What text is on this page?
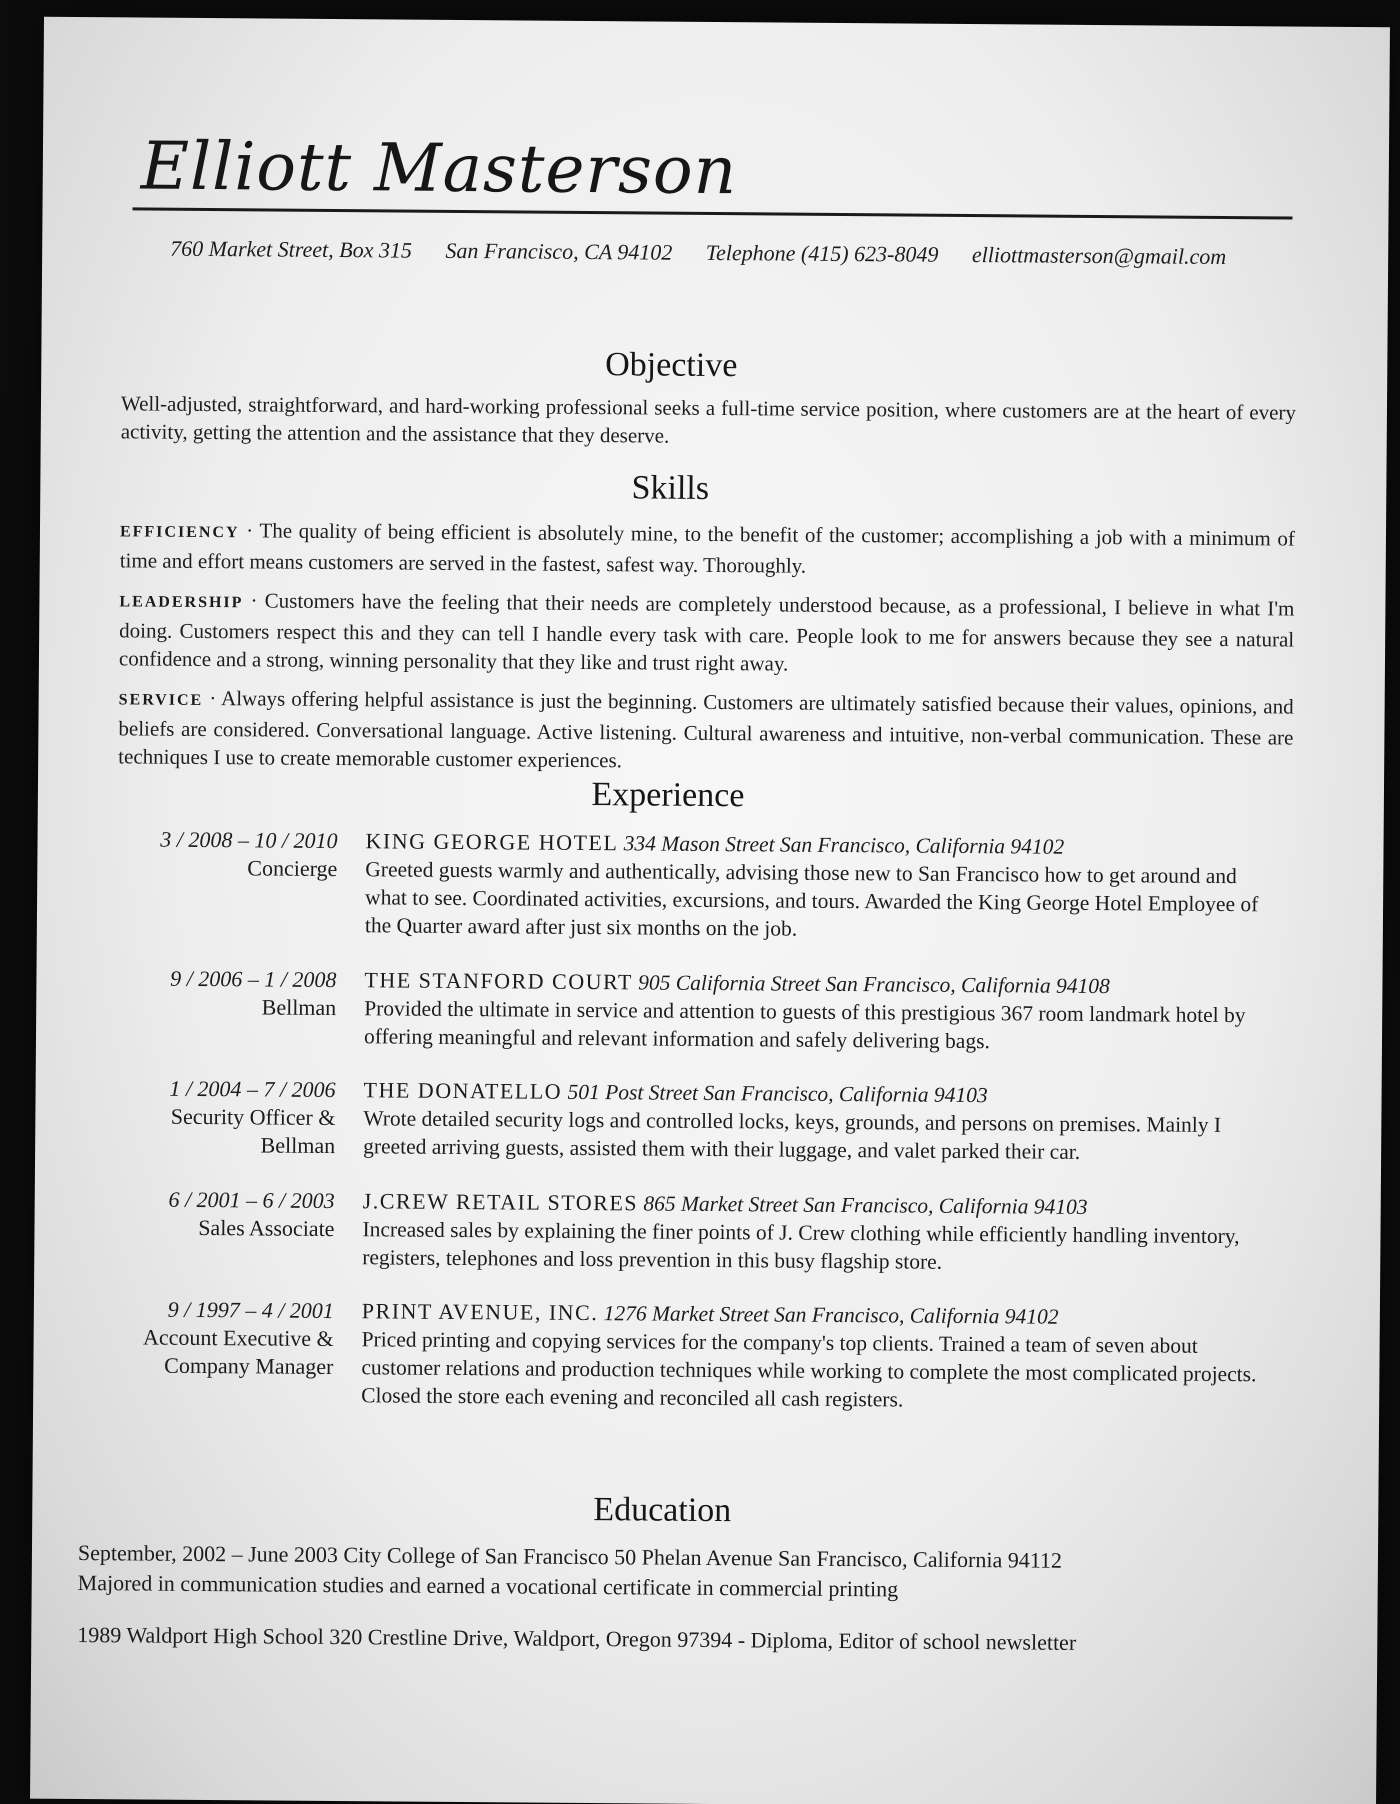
Elliott Masterson
760 Market Street, Box 315 San Francisco, CA 94102 Telephone (415) 623-8049 elliottmasterson@gmail.com
Objective
Well-adjusted, straightforward, and hard-working professional seeks a full-time service position, where customers are at the heart of every activity, getting the attention and the assistance that they deserve.
Skills
EFFICIENCY · The quality of being efficient is absolutely mine, to the benefit of the customer; accomplishing a job with a minimum of time and effort means customers are served in the fastest, safest way. Thoroughly.
LEADERSHIP · Customers have the feeling that their needs are completely understood because, as a professional, I believe in what I'm doing. Customers respect this and they can tell I handle every task with care. People look to me for answers because they see a natural confidence and a strong, winning personality that they like and trust right away.
SERVICE · Always offering helpful assistance is just the beginning. Customers are ultimately satisfied because their values, opinions, and beliefs are considered. Conversational language. Active listening. Cultural awareness and intuitive, non-verbal communication. These are techniques I use to create memorable customer experiences.
Experience
3 / 2008 – 10 / 2010
Concierge
KING GEORGE HOTEL 334 Mason Street San Francisco, California 94102
Greeted guests warmly and authentically, advising those new to San Francisco how to get around and what to see. Coordinated activities, excursions, and tours. Awarded the King George Hotel Employee of the Quarter award after just six months on the job.
9 / 2006 – 1 / 2008
Bellman
THE STANFORD COURT 905 California Street San Francisco, California 94108
Provided the ultimate in service and attention to guests of this prestigious 367 room landmark hotel by offering meaningful and relevant information and safely delivering bags.
1 / 2004 – 7 / 2006
Security Officer & Bellman
THE DONATELLO 501 Post Street San Francisco, California 94103
Wrote detailed security logs and controlled locks, keys, grounds, and persons on premises. Mainly I greeted arriving guests, assisted them with their luggage, and valet parked their car.
6 / 2001 – 6 / 2003
Sales Associate
J.CREW RETAIL STORES 865 Market Street San Francisco, California 94103
Increased sales by explaining the finer points of J. Crew clothing while efficiently handling inventory, registers, telephones and loss prevention in this busy flagship store.
9 / 1997 – 4 / 2001
Account Executive & Company Manager
PRINT AVENUE, INC. 1276 Market Street San Francisco, California 94102
Priced printing and copying services for the company's top clients. Trained a team of seven about customer relations and production techniques while working to complete the most complicated projects. Closed the store each evening and reconciled all cash registers.
Education
September, 2002 – June 2003 City College of San Francisco 50 Phelan Avenue San Francisco, California 94112
Majored in communication studies and earned a vocational certificate in commercial printing
1989 Waldport High School 320 Crestline Drive, Waldport, Oregon 97394 - Diploma, Editor of school newsletter
